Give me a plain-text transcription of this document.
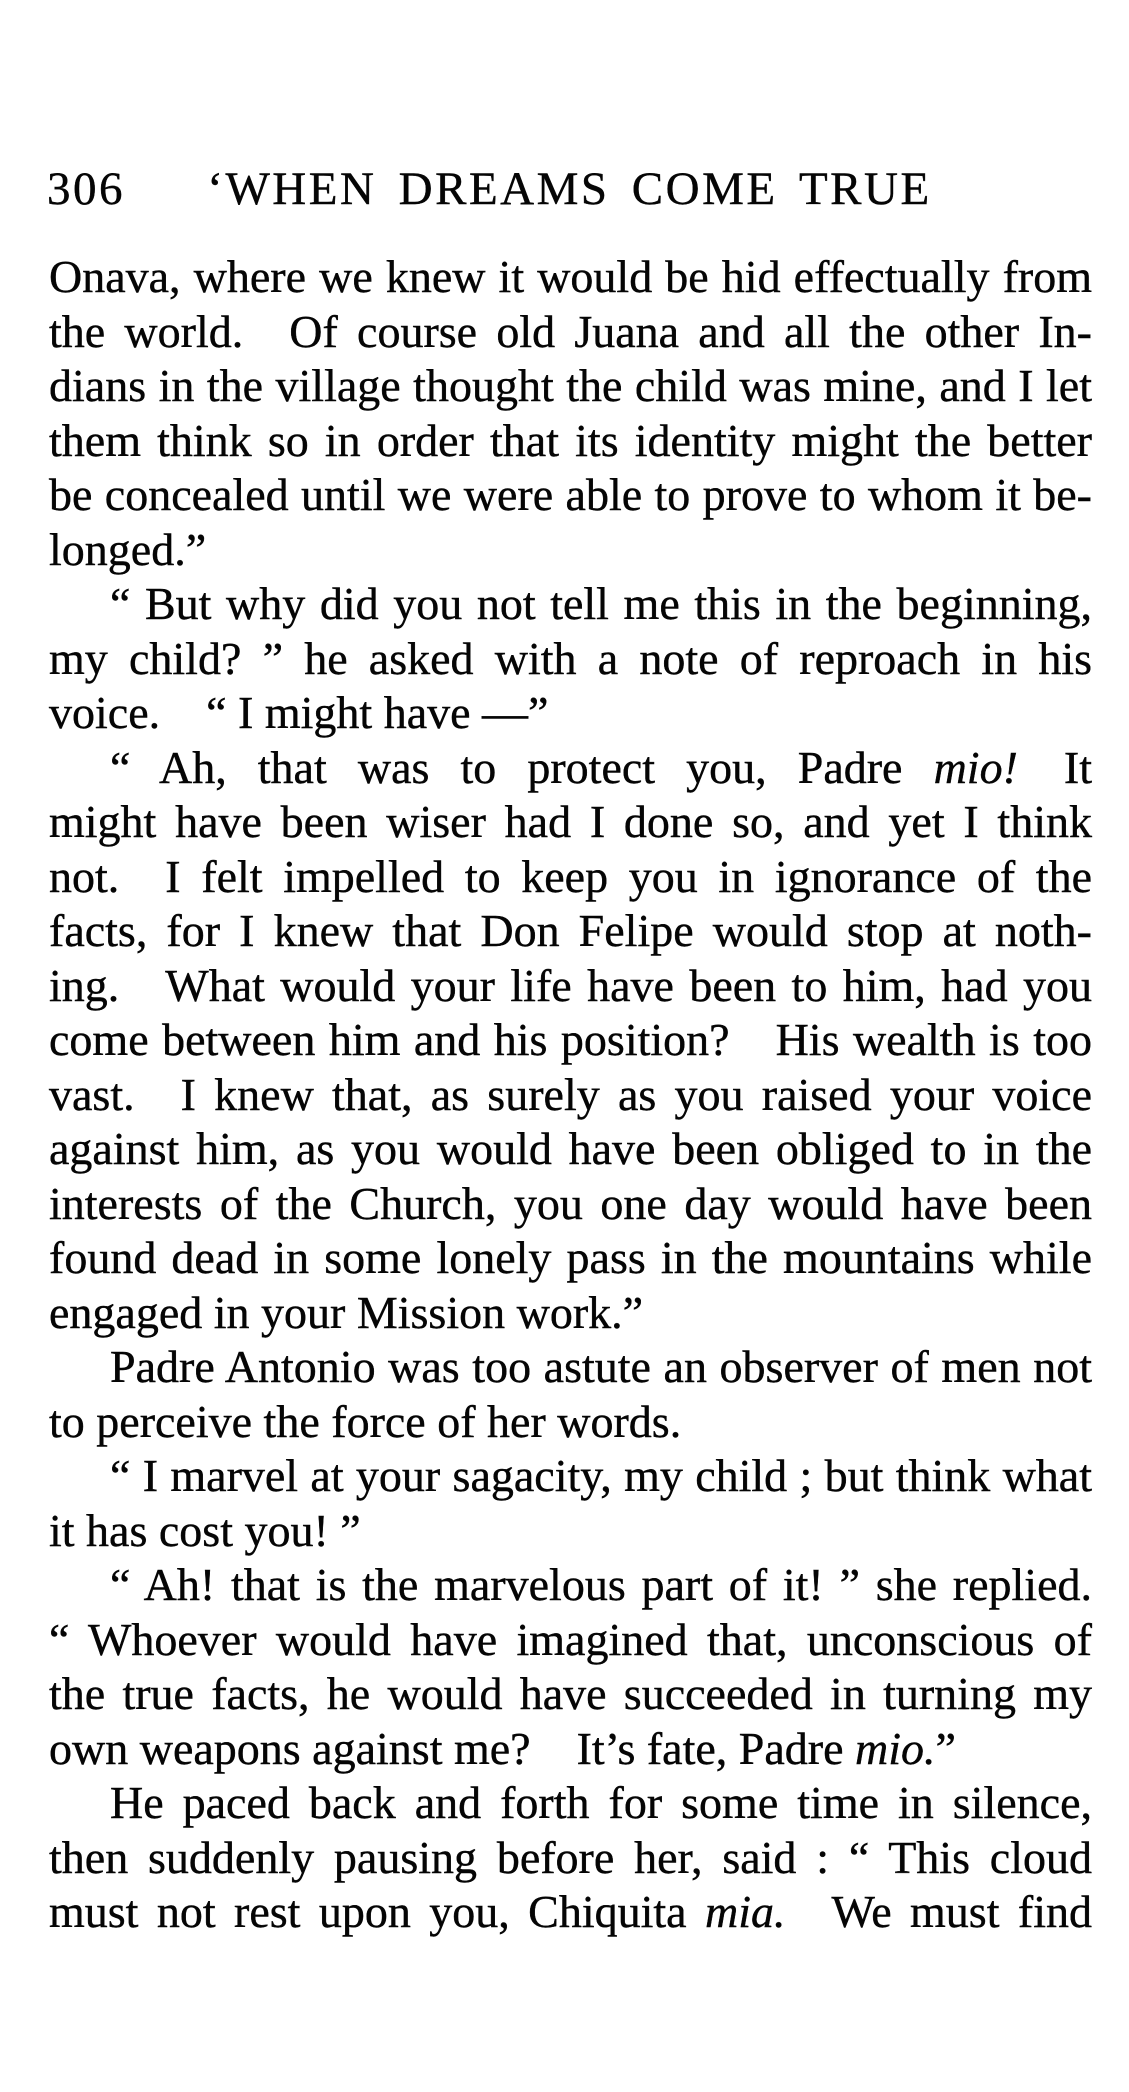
306	‘WHEN DREAMS COME TRUE
Onava, where we knew it would be hid effectually from
the world.  Of course old Juana and all the other In-
dians in the village thought the child was mine, and I let
them think so in order that its identity might the better
be concealed until we were able to prove to whom it be-
longed.”
“ But why did you not tell me this in the beginning,
my child? ” he asked with a note of reproach in his
voice.  “ I might have —”
“ Ah, that was to protect you, Padre mio!  It
might have been wiser had I done so, and yet I think
not.  I felt impelled to keep you in ignorance of the
facts, for I knew that Don Felipe would stop at noth-
ing.  What would your life have been to him, had you
come between him and his position?  His wealth is too
vast.  I knew that, as surely as you raised your voice
against him, as you would have been obliged to in the
interests of the Church, you one day would have been
found dead in some lonely pass in the mountains while
engaged in your Mission work.”
Padre Antonio was too astute an observer of men not
to perceive the force of her words.
“ I marvel at your sagacity, my child ; but think what
it has cost you! ”
“ Ah! that is the marvelous part of it! ” she replied.
“ Whoever would have imagined that, unconscious of
the true facts, he would have succeeded in turning my
own weapons against me?  It’s fate, Padre mio.”
He paced back and forth for some time in silence,
then suddenly pausing before her, said : “ This cloud
must not rest upon you, Chiquita mia.  We must find
